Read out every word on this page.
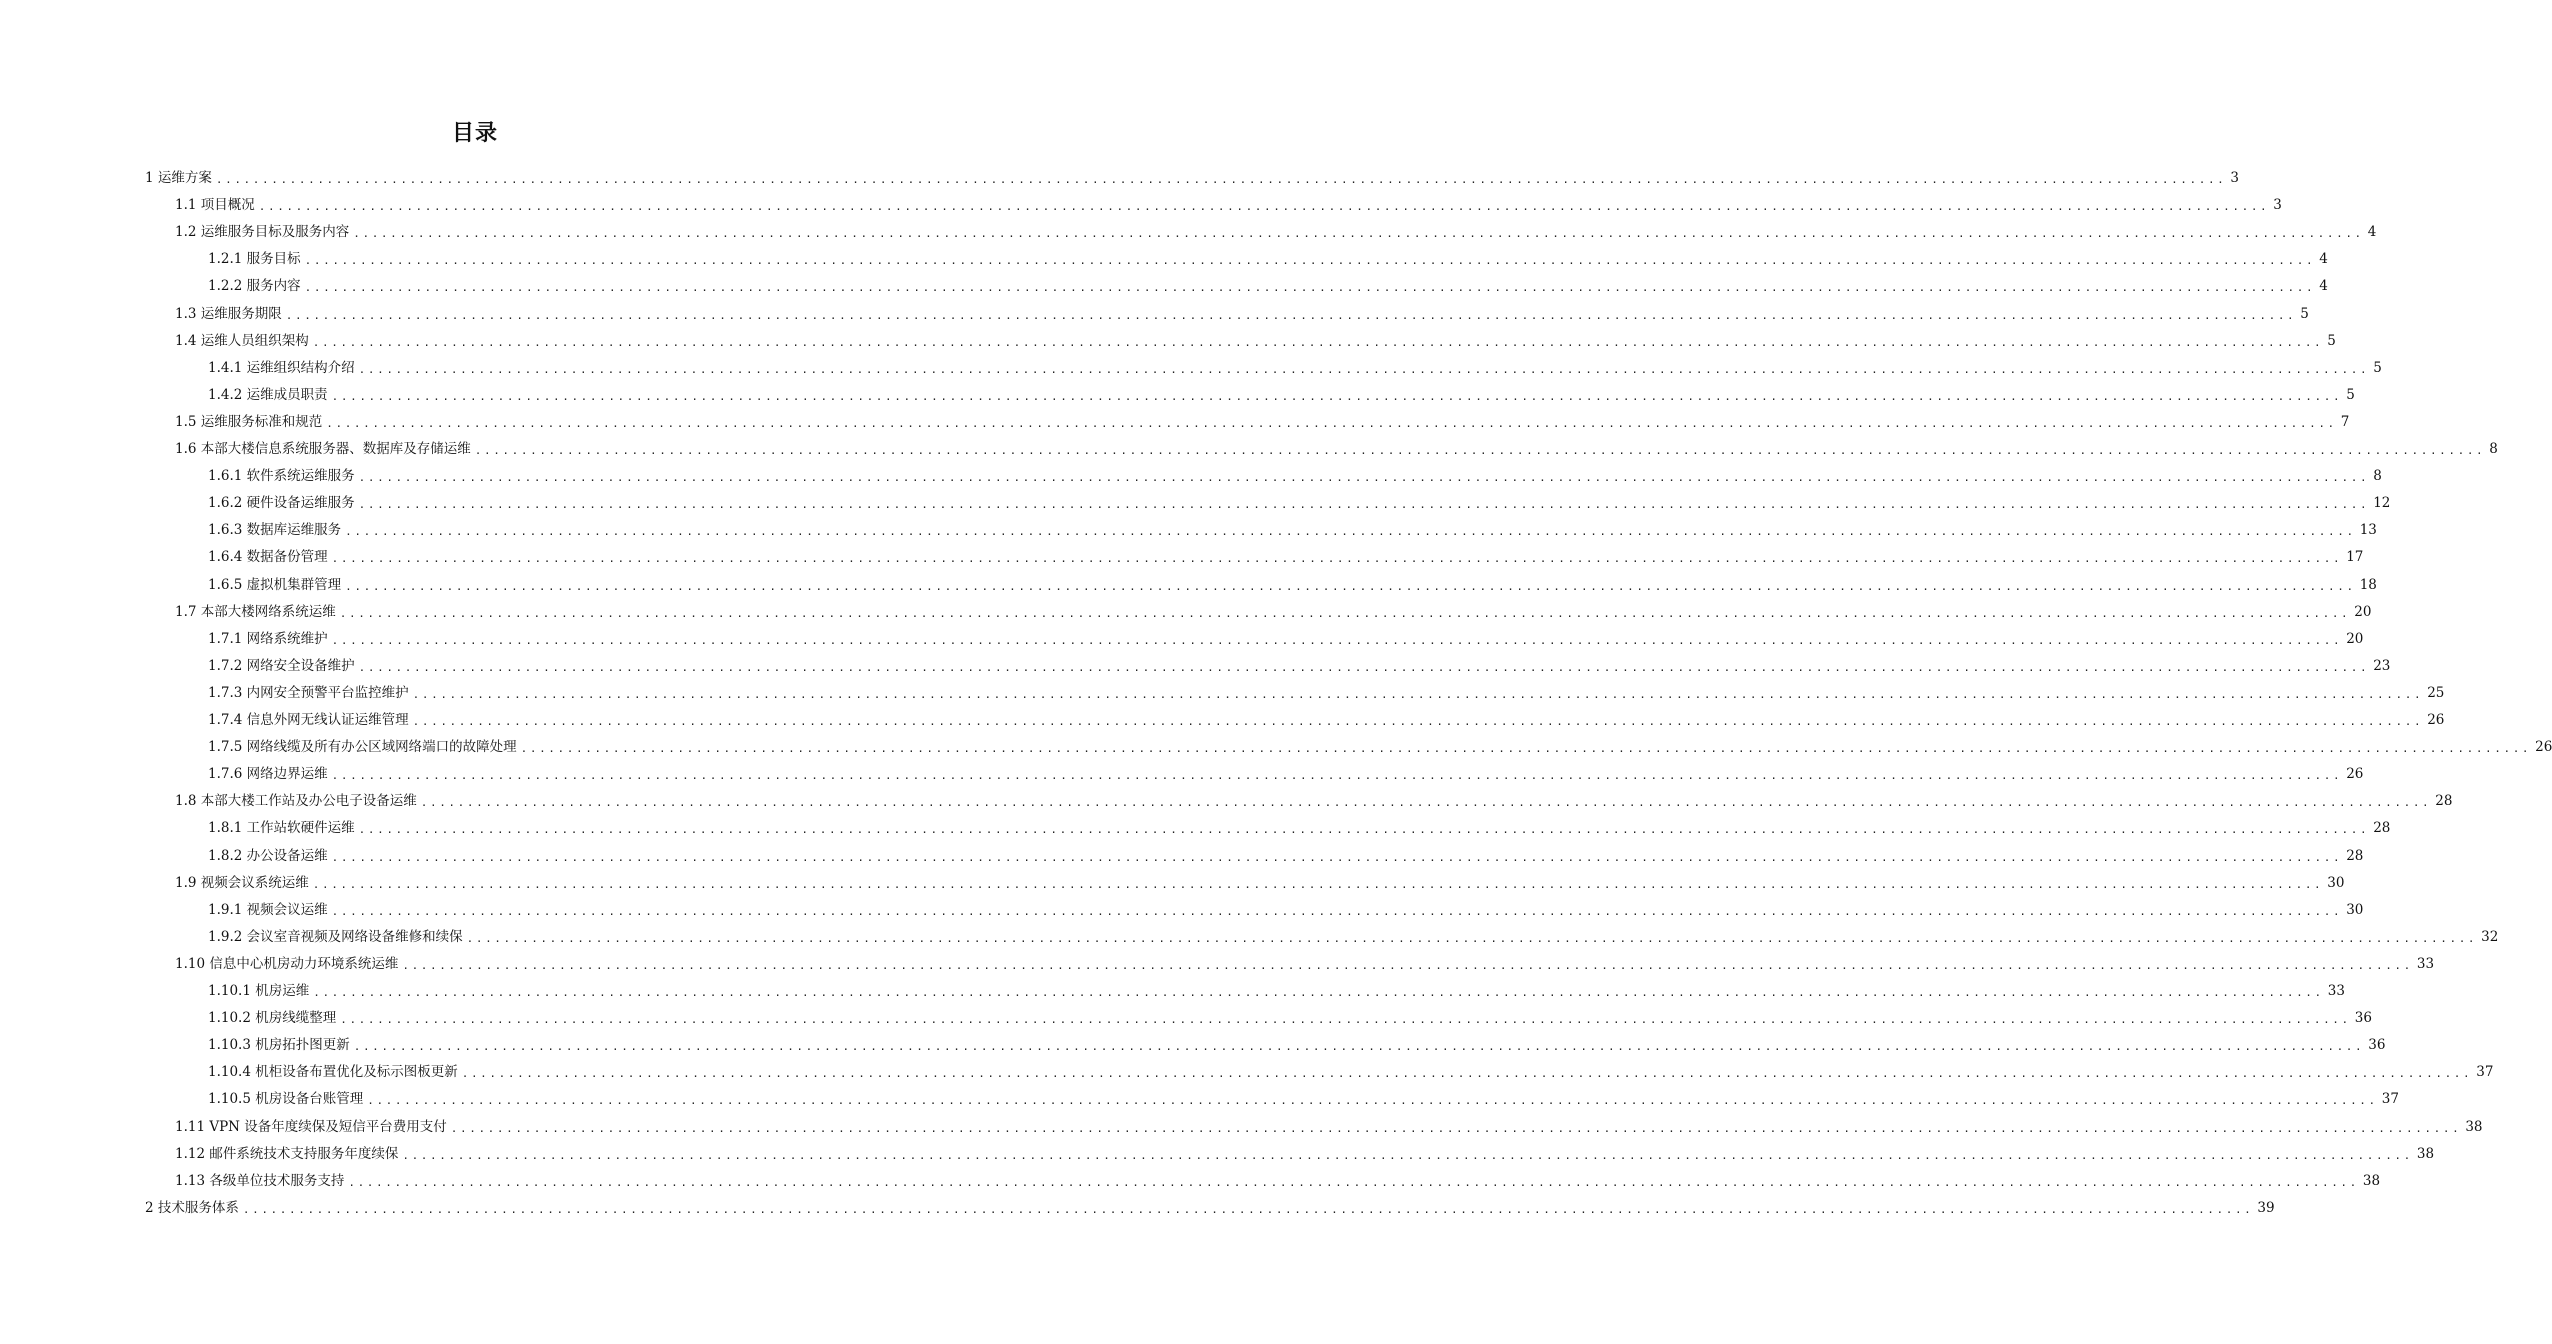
目录
1 运维方案 .......................................................................................................................................................................................................................... 3
1.1 项目概况 .......................................................................................................................................................................................................................... 3
1.2 运维服务目标及服务内容 .......................................................................................................................................................................................................................... 4
1.2.1 服务目标 .......................................................................................................................................................................................................................... 4
1.2.2 服务内容 .......................................................................................................................................................................................................................... 4
1.3 运维服务期限 .......................................................................................................................................................................................................................... 5
1.4 运维人员组织架构 .......................................................................................................................................................................................................................... 5
1.4.1 运维组织结构介绍 .......................................................................................................................................................................................................................... 5
1.4.2 运维成员职责 .......................................................................................................................................................................................................................... 5
1.5 运维服务标准和规范 .......................................................................................................................................................................................................................... 7
1.6 本部大楼信息系统服务器、数据库及存储运维 .......................................................................................................................................................................................................................... 8
1.6.1 软件系统运维服务 .......................................................................................................................................................................................................................... 8
1.6.2 硬件设备运维服务 .......................................................................................................................................................................................................................... 12
1.6.3 数据库运维服务 .......................................................................................................................................................................................................................... 13
1.6.4 数据备份管理 .......................................................................................................................................................................................................................... 17
1.6.5 虚拟机集群管理 .......................................................................................................................................................................................................................... 18
1.7 本部大楼网络系统运维 .......................................................................................................................................................................................................................... 20
1.7.1 网络系统维护 .......................................................................................................................................................................................................................... 20
1.7.2 网络安全设备维护 .......................................................................................................................................................................................................................... 23
1.7.3 内网安全预警平台监控维护 .......................................................................................................................................................................................................................... 25
1.7.4 信息外网无线认证运维管理 .......................................................................................................................................................................................................................... 26
1.7.5 网络线缆及所有办公区域网络端口的故障处理 .......................................................................................................................................................................................................................... 26
1.7.6 网络边界运维 .......................................................................................................................................................................................................................... 26
1.8 本部大楼工作站及办公电子设备运维 .......................................................................................................................................................................................................................... 28
1.8.1 工作站软硬件运维 .......................................................................................................................................................................................................................... 28
1.8.2 办公设备运维 .......................................................................................................................................................................................................................... 28
1.9 视频会议系统运维 .......................................................................................................................................................................................................................... 30
1.9.1 视频会议运维 .......................................................................................................................................................................................................................... 30
1.9.2 会议室音视频及网络设备维修和续保 .......................................................................................................................................................................................................................... 32
1.10 信息中心机房动力环境系统运维 .......................................................................................................................................................................................................................... 33
1.10.1 机房运维 .......................................................................................................................................................................................................................... 33
1.10.2 机房线缆整理 .......................................................................................................................................................................................................................... 36
1.10.3 机房拓扑图更新 .......................................................................................................................................................................................................................... 36
1.10.4 机柜设备布置优化及标示图板更新 .......................................................................................................................................................................................................................... 37
1.10.5 机房设备台账管理 .......................................................................................................................................................................................................................... 37
1.11 VPN 设备年度续保及短信平台费用支付 .......................................................................................................................................................................................................................... 38
1.12 邮件系统技术支持服务年度续保 .......................................................................................................................................................................................................................... 38
1.13 各级单位技术服务支持 .......................................................................................................................................................................................................................... 38
2 技术服务体系 .......................................................................................................................................................................................................................... 39
